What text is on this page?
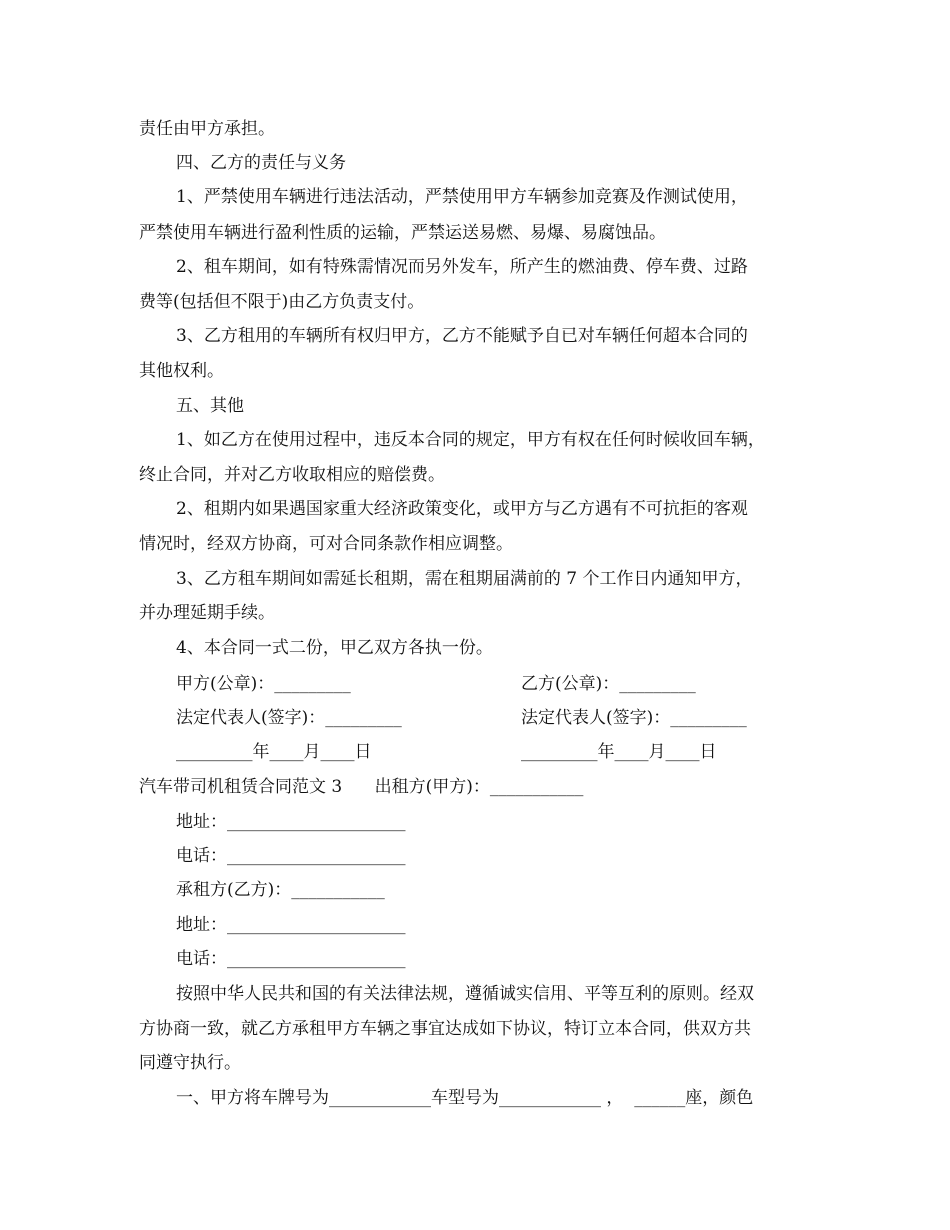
责任由甲方承担。
四、乙方的责任与义务
1、严禁使用车辆进行违法活动，严禁使用甲方车辆参加竞赛及作测试使用，
严禁使用车辆进行盈利性质的运输，严禁运送易燃、易爆、易腐蚀品。
2、租车期间，如有特殊需情况而另外发车，所产生的燃油费、停车费、过路
费等(包括但不限于)由乙方负责支付。
3、乙方租用的车辆所有权归甲方，乙方不能赋予自已对车辆任何超本合同的
其他权利。
五、其他
1、如乙方在使用过程中，违反本合同的规定，甲方有权在任何时候收回车辆，
终止合同，并对乙方收取相应的赔偿费。
2、租期内如果遇国家重大经济政策变化，或甲方与乙方遇有不可抗拒的客观
情况时，经双方协商，可对合同条款作相应调整。
3、乙方租车期间如需延长租期，需在租期届满前的 7 个工作日内通知甲方，
并办理延期手续。
4、本合同一式二份，甲乙双方各执一份。
甲方(公章)：_________	乙方(公章)：_________
法定代表人(签字)：_________	法定代表人(签字)：_________
_________年____月____日	_________年____月____日
汽车带司机租赁合同范文 3      出租方(甲方)：___________
地址：_____________________
电话：_____________________
承租方(乙方)：___________
地址：_____________________
电话：_____________________
按照中华人民共和国的有关法律法规，遵循诚实信用、平等互利的原则。经双
方协商一致，就乙方承租甲方车辆之事宜达成如下协议，特订立本合同，供双方共
同遵守执行。
一、甲方将车牌号为____________车型号为____________ ，  ______座，颜色
